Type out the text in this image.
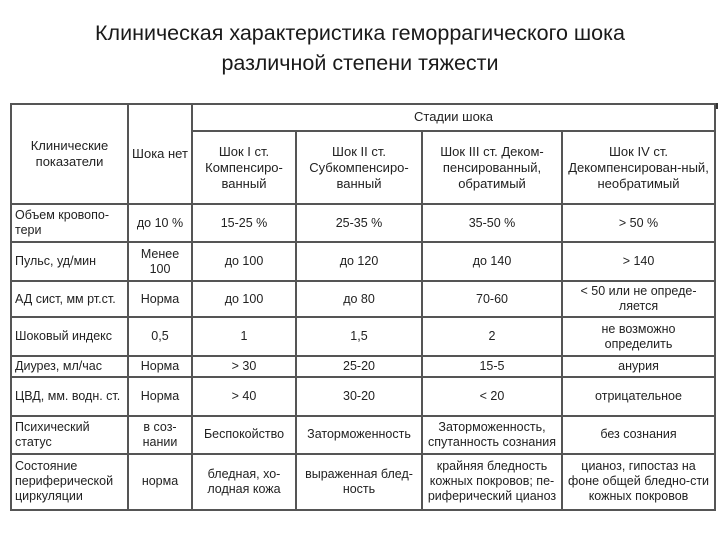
Клиническая характеристика геморрагического шока
различной степени тяжести
Клинические показатели	Шока нет	Стадии шока			
		Шок I ст. Компенсиро-ванный	Шок II ст. Субкомпенсиро-ванный	Шок III ст. Деком-пенсированный, обратимый	Шок IV ст. Декомпенсирован-ный, необратимый
Объем кровопо-тери	до 10 %	15-25 %	25-35 %	35-50 %	> 50 %
Пульс, уд/мин	Менее 100	до 100	до 120	до 140	> 140
АД сист, мм рт.ст.	Норма	до 100	до 80	70-60	< 50 или не опреде-ляется
Шоковый индекс	0,5	1	1,5	2	не возможно определить
Диурез, мл/час	Норма	> 30	25-20	15-5	анурия
ЦВД, мм. водн. ст.	Норма	> 40	30-20	< 20	отрицательное
Психический статус	в соз-нании	Беспокойство	Заторможенность	Заторможенность, спутанность сознания	без сознания
Состояние периферической циркуляции	норма	бледная, хо-лодная кожа	выраженная блед-ность	крайняя бледность кожных покровов; пе-риферический цианоз	цианоз, гипостаз на фоне общей бледно-сти кожных покровов
